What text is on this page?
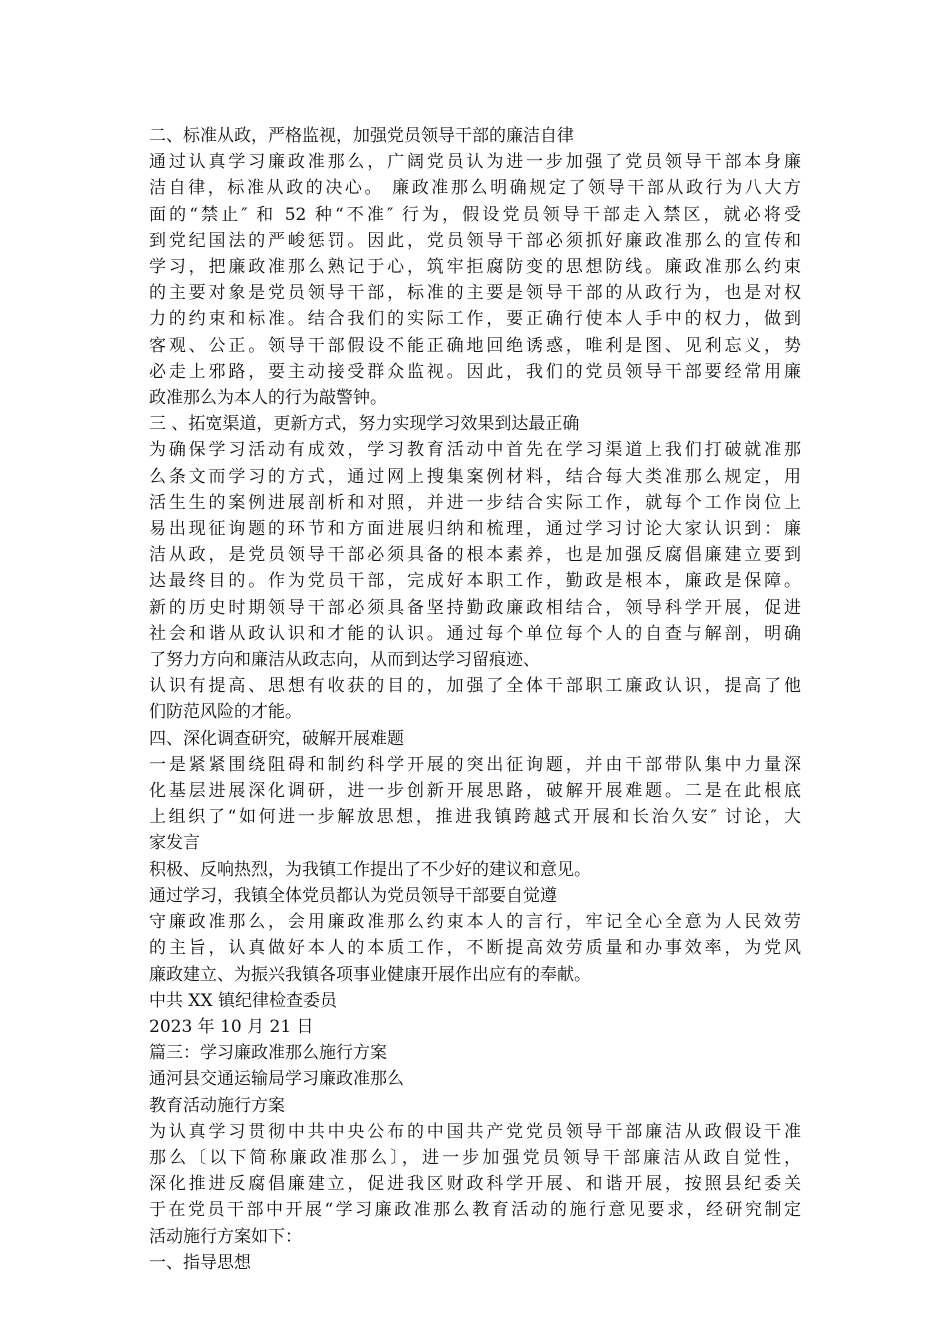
二、标准从政，严格监视，加强党员领导干部的廉洁自律
通过认真学习廉政准那么，广阔党员认为进一步加强了党员领导干部本身廉
洁自律，标准从政的决心。 廉政准那么明确规定了领导干部从政行为八大方
面的“禁止″ 和 52 种“不准″ 行为，假设党员领导干部走入禁区，就必将受
到党纪国法的严峻惩罚。因此，党员领导干部必须抓好廉政准那么的宣传和
学习，把廉政准那么熟记于心，筑牢拒腐防变的思想防线。廉政准那么约束
的主要对象是党员领导干部，标准的主要是领导干部的从政行为，也是对权
力的约束和标准。结合我们的实际工作，要正确行使本人手中的权力，做到
客观、公正。领导干部假设不能正确地回绝诱惑，唯利是图、见利忘义，势
必走上邪路，要主动接受群众监视。因此，我们的党员领导干部要经常用廉
政准那么为本人的行为敲警钟。
三 、拓宽渠道，更新方式，努力实现学习效果到达最正确
为确保学习活动有成效，学习教育活动中首先在学习渠道上我们打破就准那
么条文而学习的方式，通过网上搜集案例材料，结合每大类准那么规定，用
活生生的案例进展剖析和对照，并进一步结合实际工作，就每个工作岗位上
易出现征询题的环节和方面进展归纳和梳理，通过学习讨论大家认识到：廉
洁从政，是党员领导干部必须具备的根本素养，也是加强反腐倡廉建立要到
达最终目的。作为党员干部，完成好本职工作，勤政是根本，廉政是保障。
新的历史时期领导干部必须具备坚持勤政廉政相结合，领导科学开展，促进
社会和谐从政认识和才能的认识。通过每个单位每个人的自查与解剖，明确
了努力方向和廉洁从政志向，从而到达学习留痕迹、
认识有提高、思想有收获的目的，加强了全体干部职工廉政认识，提高了他
们防范风险的才能。
四、深化调查研究，破解开展难题
一是紧紧围绕阻碍和制约科学开展的突出征询题，并由干部带队集中力量深
化基层进展深化调研，进一步创新开展思路，破解开展难题。二是在此根底
上组织了“如何进一步解放思想，推进我镇跨越式开展和长治久安″ 讨论，大
家发言
积极、反响热烈，为我镇工作提出了不少好的建议和意见。
通过学习，我镇全体党员都认为党员领导干部要自觉遵
守廉政准那么，会用廉政准那么约束本人的言行，牢记全心全意为人民效劳
的主旨，认真做好本人的本质工作，不断提高效劳质量和办事效率，为党风
廉政建立、为振兴我镇各项事业健康开展作出应有的奉献。
中共 XX 镇纪律检查委员
2023 年 10 月 21 日
篇三：学习廉政准那么施行方案
通河县交通运输局学习廉政准那么
教育活动施行方案
为认真学习贯彻中共中央公布的中国共产党党员领导干部廉洁从政假设干准
那么〔以下简称廉政准那么〕，进一步加强党员领导干部廉洁从政自觉性，
深化推进反腐倡廉建立，促进我区财政科学开展、和谐开展，按照县纪委关
于在党员干部中开展“学习廉政准那么教育活动的施行意见要求，经研究制定
活动施行方案如下：
一、指导思想
